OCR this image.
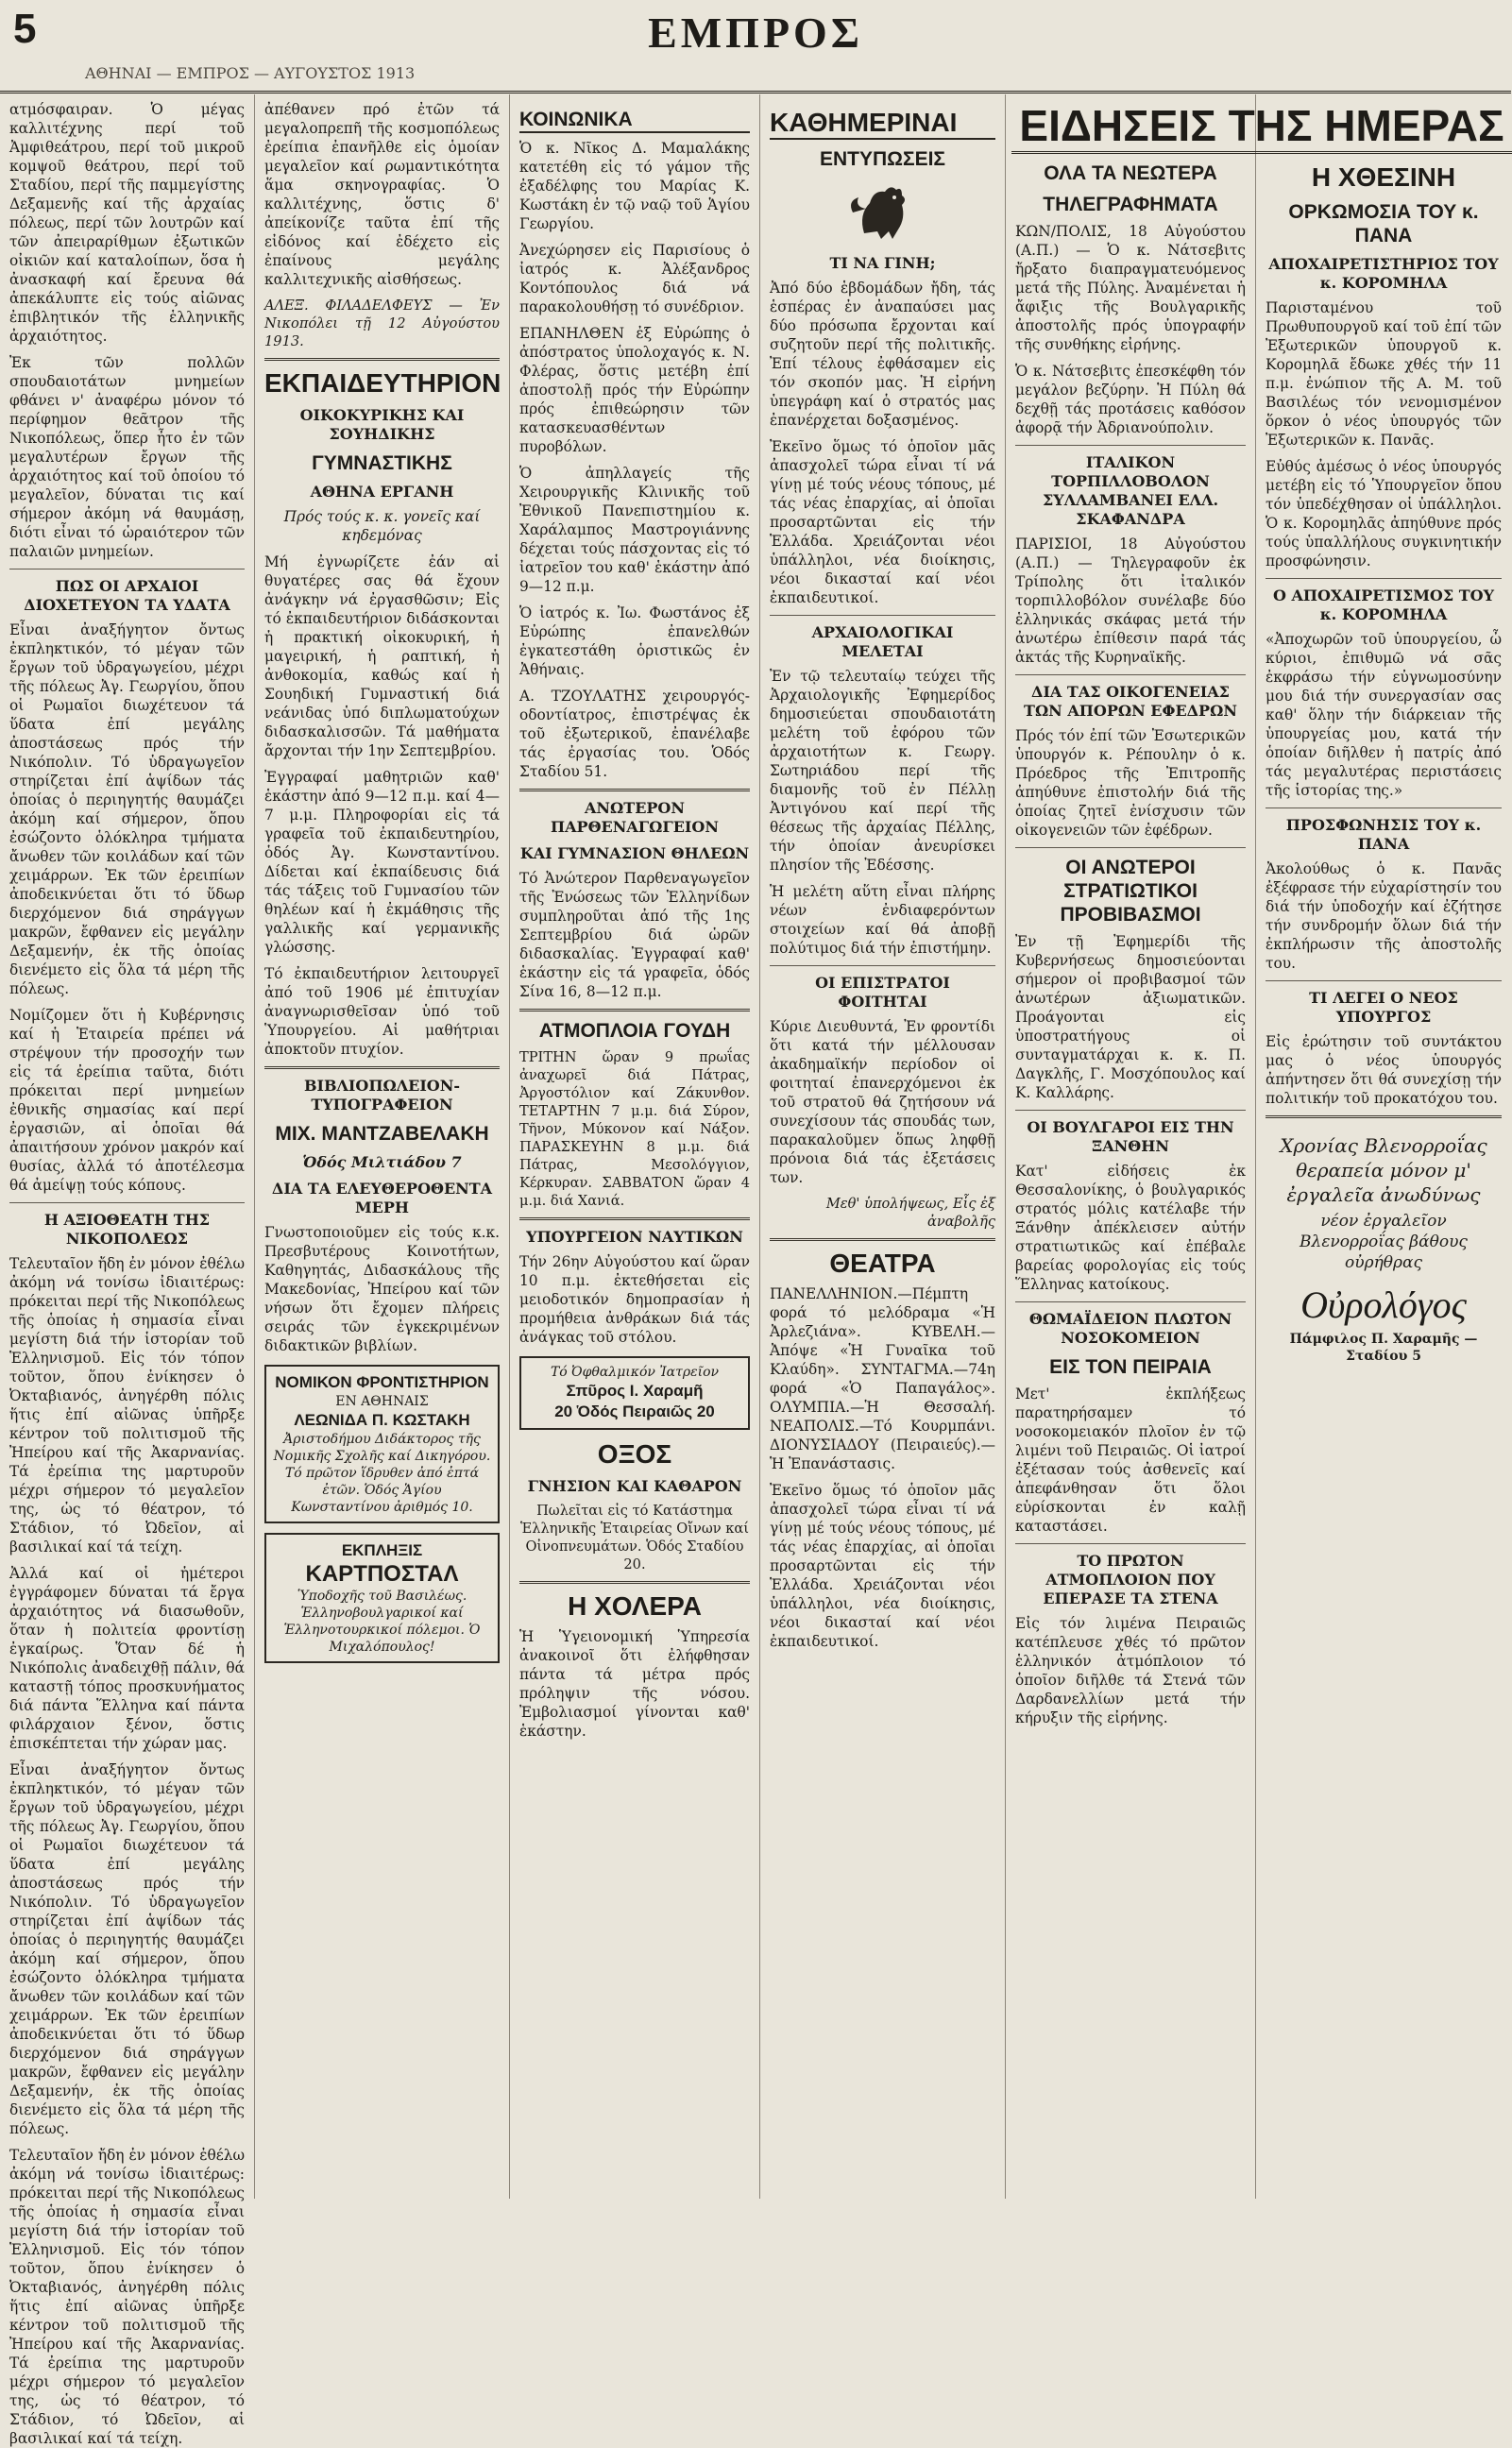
5	ΕΜΠΡΟΣ
ΑΘΗΝΑΙ — ΕΜΠΡΟΣ — ΑΥΓΟΥΣΤΟΣ 1913

ατμόσφαιραν. Ὁ μέγας καλλιτέχνης περί τοῦ Ἀμφιθεάτρου, περί τοῦ μικροῦ κομψοῦ θεάτρου, περί τοῦ Σταδίου, περί τῆς παμμεγίστης Δεξαμενῆς καί τῆς ἀρχαίας πόλεως, περί τῶν λουτρῶν καί τῶν ἀπειραρίθμων ἐξωτικῶν οἰκιῶν καί καταλοίπων, ὅσα ἡ ἀνασκαφή καί ἔρευνα θά ἀπεκάλυπτε εἰς τούς αἰῶνας ἐπιβλητικόν τῆς ἑλληνικῆς ἀρχαιότητος.

Ἐκ τῶν πολλῶν σπουδαιοτάτων μνημείων φθάνει ν' ἀναφέρω μόνον τό περίφημον θεᾶτρον τῆς Νικοπόλεως, ὅπερ ἦτο ἐν τῶν μεγαλυτέρων ἔργων τῆς ἀρχαιότητος καί τοῦ ὁποίου τό μεγαλεῖον, δύναται τις καί σήμερον ἀκόμη νά θαυμάσῃ, διότι εἶναι τό ὡραιότερον τῶν παλαιῶν μνημείων.

ΠΩΣ ΟΙ ΑΡΧΑΙΟΙ ΔΙΟΧΕΤΕΥΟΝ ΤΑ ΥΔΑΤΑ

Εἶναι ἀναξήγητον ὄντως ἐκπληκτικόν, τό μέγαν τῶν ἔργων τοῦ ὑδραγωγείου, μέχρι τῆς πόλεως Ἀγ. Γεωργίου, ὅπου οἱ Ρωμαῖοι διωχέτευον τά ὕδατα ἐπί μεγάλης ἀποστάσεως πρός τήν Νικόπολιν. Τό ὑδραγωγεῖον στηρίζεται ἐπί ἁψίδων τάς ὁποίας ὁ περιηγητής θαυμάζει ἀκόμη καί σήμερον, ὅπου ἐσώζοντο ὁλόκληρα τμήματα ἄνωθεν τῶν κοιλάδων καί τῶν χειμάρρων. Ἐκ τῶν ἐρειπίων ἀποδεικνύεται ὅτι τό ὕδωρ διερχόμενον διά σηράγγων μακρῶν, ἔφθανεν εἰς μεγάλην Δεξαμενήν, ἐκ τῆς ὁποίας διενέμετο εἰς ὅλα τά μέρη τῆς πόλεως.

Νομίζομεν ὅτι ἡ Κυβέρνησις καί ἡ Ἑταιρεία πρέπει νά στρέψουν τήν προσοχήν των εἰς τά ἐρείπια ταῦτα, διότι πρόκειται περί μνημείων ἐθνικῆς σημασίας καί περί ἐργασιῶν, αἱ ὁποῖαι θά ἀπαιτήσουν χρόνον μακρόν καί θυσίας, ἀλλά τό ἀποτέλεσμα θά ἀμείψῃ τούς κόπους.

Η ΑΞΙΟΘΕΑΤΗ ΤΗΣ ΝΙΚΟΠΟΛΕΩΣ

Τελευταῖον ἤδη ἐν μόνον ἐθέλω ἀκόμη νά τονίσω ἰδιαιτέρως: πρόκειται περί τῆς Νικοπόλεως τῆς ὁποίας ἡ σημασία εἶναι μεγίστη διά τήν ἱστορίαν τοῦ Ἑλληνισμοῦ. Εἰς τόν τόπον τοῦτον, ὅπου ἐνίκησεν ὁ Ὀκταβιανός, ἀνηγέρθη πόλις ἥτις ἐπί αἰῶνας ὑπῆρξε κέντρον τοῦ πολιτισμοῦ τῆς Ἠπείρου καί τῆς Ἀκαρνανίας. Τά ἐρείπια της μαρτυροῦν μέχρι σήμερον τό μεγαλεῖον της, ὡς τό θέατρον, τό Στάδιον, τό Ὠδεῖον, αἱ βασιλικαί καί τά τείχη.

Ἀλλά καί οἱ ἡμέτεροι ἐγγράφομεν δύναται τά ἔργα ἀρχαιότητος νά διασωθοῦν, ὅταν ἡ πολιτεία φροντίσῃ ἐγκαίρως. Ὅταν δέ ἡ Νικόπολις ἀναδειχθῇ πάλιν, θά καταστῇ τόπος προσκυνήματος διά πάντα Ἕλληνα καί πάντα φιλάρχαιον ξένον, ὅστις ἐπισκέπτεται τήν χώραν μας.

Εἶναι ἀναξήγητον ὄντως ἐκπληκτικόν, τό μέγαν τῶν ἔργων τοῦ ὑδραγωγείου, μέχρι τῆς πόλεως Ἀγ. Γεωργίου, ὅπου οἱ Ρωμαῖοι διωχέτευον τά ὕδατα ἐπί μεγάλης ἀποστάσεως πρός τήν Νικόπολιν. Τό ὑδραγωγεῖον στηρίζεται ἐπί ἁψίδων τάς ὁποίας ὁ περιηγητής θαυμάζει ἀκόμη καί σήμερον, ὅπου ἐσώζοντο ὁλόκληρα τμήματα ἄνωθεν τῶν κοιλάδων καί τῶν χειμάρρων. Ἐκ τῶν ἐρειπίων ἀποδεικνύεται ὅτι τό ὕδωρ διερχόμενον διά σηράγγων μακρῶν, ἔφθανεν εἰς μεγάλην Δεξαμενήν, ἐκ τῆς ὁποίας διενέμετο εἰς ὅλα τά μέρη τῆς πόλεως.

Τελευταῖον ἤδη ἐν μόνον ἐθέλω ἀκόμη νά τονίσω ἰδιαιτέρως: πρόκειται περί τῆς Νικοπόλεως τῆς ὁποίας ἡ σημασία εἶναι μεγίστη διά τήν ἱστορίαν τοῦ Ἑλληνισμοῦ. Εἰς τόν τόπον τοῦτον, ὅπου ἐνίκησεν ὁ Ὀκταβιανός, ἀνηγέρθη πόλις ἥτις ἐπί αἰῶνας ὑπῆρξε κέντρον τοῦ πολιτισμοῦ τῆς Ἠπείρου καί τῆς Ἀκαρνανίας. Τά ἐρείπια της μαρτυροῦν μέχρι σήμερον τό μεγαλεῖον της, ὡς τό θέατρον, τό Στάδιον, τό Ὠδεῖον, αἱ βασιλικαί καί τά τείχη.

ἀπέθανεν πρό ἐτῶν τά μεγαλοπρεπῆ τῆς κοσμοπόλεως ἐρείπια ἐπανῆλθε εἰς ὁμοίαν μεγαλεῖον καί ρωμαντικότητα ἅμα σκηνογραφίας. Ὁ καλλιτέχνης, ὅστις δ' ἀπείκονίζε ταῦτα ἐπί τῆς εἰδόνος καί ἐδέχετο εἰς ἐπαίνους μεγάλης καλλιτεχνικῆς αἰσθήσεως.

ΑΛΕΞ. ΦΙΛΑΔΕΛΦΕΥΣ — Ἐν Νικοπόλει τῇ 12 Αὐγούστου 1913.

ΕΚΠΑΙΔΕΥΤΗΡΙΟΝ
ΟΙΚΟΚΥΡΙΚΗΣ ΚΑΙ ΣΟΥΗΔΙΚΗΣ
ΓΥΜΝΑΣΤΙΚΗΣ
ΑΘΗΝΑ ΕΡΓΑΝΗ

Πρός τούς κ. κ. γονεῖς καί κηδεμόνας

Μή ἐγνωρίζετε ἐάν αἱ θυγατέρες σας θά ἔχουν ἀνάγκην νά ἐργασθῶσιν; Εἰς τό ἐκπαιδευτήριον διδάσκονται ἡ πρακτική οἰκοκυρική, ἡ μαγειρική, ἡ ραπτική, ἡ ἀνθοκομία, καθώς καί ἡ Σουηδική Γυμναστική διά νεάνιδας ὑπό διπλωματούχων διδασκαλισσῶν. Τά μαθήματα ἄρχονται τήν 1ην Σεπτεμβρίου.

Ἐγγραφαί μαθητριῶν καθ' ἑκάστην ἀπό 9—12 π.μ. καί 4—7 μ.μ. Πληροφορίαι εἰς τά γραφεῖα τοῦ ἐκπαιδευτηρίου, ὁδός Ἀγ. Κωνσταντίνου. Δίδεται καί ἐκπαίδευσις διά τάς τάξεις τοῦ Γυμνασίου τῶν θηλέων καί ἡ ἐκμάθησις τῆς γαλλικῆς καί γερμανικῆς γλώσσης.

Τό ἐκπαιδευτήριον λειτουργεῖ ἀπό τοῦ 1906 μέ ἐπιτυχίαν ἀναγνωρισθεῖσαν ὑπό τοῦ Ὑπουργείου. Αἱ μαθήτριαι ἀποκτοῦν πτυχίον.

ΒΙΒΛΙΟΠΩΛΕΙΟΝ-ΤΥΠΟΓΡΑΦΕΙΟΝ
ΜΙΧ. ΜΑΝΤΖΑΒΕΛΑΚΗ
Ὁδός Μιλτιάδου 7
ΔΙΑ ΤΑ ΕΛΕΥΘΕΡΟΘΕΝΤΑ ΜΕΡΗ

Γνωστοποιοῦμεν εἰς τούς κ.κ. Πρεσβυτέρους Κοινοτήτων, Καθηγητάς, Διδασκάλους τῆς Μακεδονίας, Ἠπείρου καί τῶν νήσων ὅτι ἔχομεν πλήρεις σειράς τῶν ἐγκεκριμένων διδακτικῶν βιβλίων.

ΝΟΜΙΚΟΝ ΦΡΟΝΤΙΣΤΗΡΙΟΝ
ΕΝ ΑΘΗΝΑΙΣ
ΛΕΩΝΙΔΑ Π. ΚΩΣΤΑΚΗ
Ἀριστοδήμου Διδάκτορος τῆς Νομικῆς Σχολῆς καί Δικηγόρου. Τό πρῶτον ἵδρυθεν ἀπό ἐπτά ἐτῶν. Ὁδός Ἁγίου Κωνσταντίνου ἀριθμός 10.
ΕΚΠΛΗΞΙΣ
ΚΑΡΤΠΟΣΤΑΛ
Ὑποδοχῆς τοῦ Βασιλέως. Ἑλληνοβουλγαρικοί καί Ἑλληνοτουρκικοί πόλεμοι. Ὁ Μιχαλόπουλος!
ΚΟΙΝΩΝΙΚΑ

Ὁ κ. Νῖκος Δ. Μαμαλάκης κατετέθη εἰς τό γάμον τῆς ἐξαδέλφης του Μαρίας Κ. Κωστάκη ἐν τῷ ναῷ τοῦ Ἁγίου Γεωργίου.

Ἀνεχώρησεν εἰς Παρισίους ὁ ἰατρός κ. Ἀλέξανδρος Κοντόπουλος διά νά παρακολουθήσῃ τό συνέδριον.

ΕΠΑΝΗΛΘΕΝ ἐξ Εὐρώπης ὁ ἀπόστρατος ὑπολοχαγός κ. Ν. Φλέρας, ὅστις μετέβη ἐπί ἀποστολῇ πρός τήν Εὐρώπην πρός ἐπιθεώρησιν τῶν κατασκευασθέντων πυροβόλων.

Ὁ ἀπηλλαγείς τῆς Χειρουργικῆς Κλινικῆς τοῦ Ἐθνικοῦ Πανεπιστημίου κ. Χαράλαμπος Μαστρογιάννης δέχεται τούς πάσχοντας εἰς τό ἰατρεῖον του καθ' ἑκάστην ἀπό 9—12 π.μ.

Ὁ ἰατρός κ. Ἰω. Φωστάνος ἐξ Εὐρώπης ἐπανελθών ἐγκατεστάθη ὁριστικῶς ἐν Ἀθήναις.

Α. ΤΖΟΥΛΑΤΗΣ χειρουργός-οδοντίατρος, ἐπιστρέψας ἐκ τοῦ ἐξωτερικοῦ, ἐπανέλαβε τάς ἐργασίας του. Ὁδός Σταδίου 51.

ΑΝΩΤΕΡΟΝ ΠΑΡΘΕΝΑΓΩΓΕΙΟΝ
ΚΑΙ ΓΥΜΝΑΣΙΟΝ ΘΗΛΕΩΝ

Τό Ἀνώτερον Παρθεναγωγεῖον τῆς Ἐνώσεως τῶν Ἑλληνίδων συμπληροῦται ἀπό τῆς 1ης Σεπτεμβρίου διά ὡρῶν διδασκαλίας. Ἐγγραφαί καθ' ἑκάστην εἰς τά γραφεῖα, ὁδός Σίνα 16, 8—12 π.μ.

ΑΤΜΟΠΛΟΙΑ ΓΟΥΔΗ

ΤΡΙΤΗΝ ὥραν 9 πρωΐας ἀναχωρεῖ διά Πάτρας, Ἀργοστόλιον καί Ζάκυνθον. ΤΕΤΑΡΤΗΝ 7 μ.μ. διά Σύρον, Τῆνον, Μύκονον καί Νάξον. ΠΑΡΑΣΚΕΥΗΝ 8 μ.μ. διά Πάτρας, Μεσολόγγιον, Κέρκυραν. ΣΑΒΒΑΤΟΝ ὥραν 4 μ.μ. διά Χανιά.

ΥΠΟΥΡΓΕΙΟΝ ΝΑΥΤΙΚΩΝ

Τήν 26ην Αὐγούστου καί ὥραν 10 π.μ. ἐκτεθήσεται εἰς μειοδοτικόν δημοπρασίαν ἡ προμήθεια ἀνθράκων διά τάς ἀνάγκας τοῦ στόλου.

Τό Ὀφθαλμικόν Ἰατρεῖον
Σπῦρος Ι. Χαραμῆ
20 Ὁδός Πειραιῶς 20
ΟΞΟΣ
ΓΝΗΣΙΟΝ ΚΑΙ ΚΑΘΑΡΟΝ

Πωλεῖται εἰς τό Κατάστημα Ἑλληνικῆς Ἑταιρείας Οἴνων καί Οἰνοπνευμάτων. Ὁδός Σταδίου 20.

Η ΧΟΛΕΡΑ

Ἡ Ὑγειονομική Ὑπηρεσία ἀνακοινοῖ ὅτι ἐλήφθησαν πάντα τά μέτρα πρός πρόληψιν τῆς νόσου. Ἐμβολιασμοί γίνονται καθ' ἑκάστην.

ΚΑΘΗΜΕΡΙΝΑΙ
ΕΝΤΥΠΩΣΕΙΣ
ΤΙ ΝΑ ΓΙΝΗ;

Ἀπό δύο ἑβδομάδων ἤδη, τάς ἑσπέρας ἐν ἀναπαύσει μας δύο πρόσωπα ἔρχονται καί συζητοῦν περί τῆς πολιτικῆς. Ἐπί τέλους ἐφθάσαμεν εἰς τόν σκοπόν μας. Ἡ εἰρήνη ὑπεγράφη καί ὁ στρατός μας ἐπανέρχεται δοξασμένος.

Ἐκεῖνο ὅμως τό ὁποῖον μᾶς ἀπασχολεῖ τώρα εἶναι τί νά γίνῃ μέ τούς νέους τόπους, μέ τάς νέας ἐπαρχίας, αἱ ὁποῖαι προσαρτῶνται εἰς τήν Ἑλλάδα. Χρειάζονται νέοι ὑπάλληλοι, νέα διοίκησις, νέοι δικασταί καί νέοι ἐκπαιδευτικοί.

ΑΡΧΑΙΟΛΟΓΙΚΑΙ ΜΕΛΕΤΑΙ

Ἐν τῷ τελευταίῳ τεύχει τῆς Ἀρχαιολογικῆς Ἐφημερίδος δημοσιεύεται σπουδαιοτάτη μελέτη τοῦ ἐφόρου τῶν ἀρχαιοτήτων κ. Γεωργ. Σωτηριάδου περί τῆς διαμονῆς τοῦ ἐν Πέλλῃ Ἀντιγόνου καί περί τῆς θέσεως τῆς ἀρχαίας Πέλλης, τήν ὁποίαν ἀνευρίσκει πλησίον τῆς Ἐδέσσης.

Ἡ μελέτη αὕτη εἶναι πλήρης νέων ἐνδιαφερόντων στοιχείων καί θά ἀποβῇ πολύτιμος διά τήν ἐπιστήμην.

ΟΙ ΕΠΙΣΤΡΑΤΟΙ ΦΟΙΤΗΤΑΙ

Κύριε Διευθυντά, Ἐν φροντίδι ὅτι κατά τήν μέλλουσαν ἀκαδημαϊκήν περίοδον οἱ φοιτηταί ἐπανερχόμενοι ἐκ τοῦ στρατοῦ θά ζητήσουν νά συνεχίσουν τάς σπουδάς των, παρακαλοῦμεν ὅπως ληφθῇ πρόνοια διά τάς ἐξετάσεις των.

Μεθ' ὑπολήψεως, Εἷς ἐξ ἀναβολῆς

ΘΕΑΤΡΑ

ΠΑΝΕΛΛΗΝΙΟΝ.—Πέμπτη φορά τό μελόδραμα «Ἡ Ἀρλεζιάνα». ΚΥΒΕΛΗ.—Ἀπόψε «Ἡ Γυναῖκα τοῦ Κλαύδη». ΣΥΝΤΑΓΜΑ.—74η φορά «Ὁ Παπαγάλος». ΟΛΥΜΠΙΑ.—Ἡ Θεσσαλή. ΝΕΑΠΟΛΙΣ.—Τό Κουρμπάνι. ΔΙΟΝΥΣΙΑΔΟΥ (Πειραιεύς).—Ἡ Ἐπανάστασις.

Ἐκεῖνο ὅμως τό ὁποῖον μᾶς ἀπασχολεῖ τώρα εἶναι τί νά γίνῃ μέ τούς νέους τόπους, μέ τάς νέας ἐπαρχίας, αἱ ὁποῖαι προσαρτῶνται εἰς τήν Ἑλλάδα. Χρειάζονται νέοι ὑπάλληλοι, νέα διοίκησις, νέοι δικασταί καί νέοι ἐκπαιδευτικοί.

ΕΙΔΗΣΕΙΣ ΤΗΣ ΗΜΕΡΑΣ
ΟΛΑ ΤΑ ΝΕΩΤΕΡΑ
ΤΗΛΕΓΡΑΦΗΜΑΤΑ

ΚΩΝ/ΠΟΛΙΣ, 18 Αὐγούστου (Α.Π.) — Ὁ κ. Νάτσεβιτς ἤρξατο διαπραγματευόμενος μετά τῆς Πύλης. Ἀναμένεται ἡ ἄφιξις τῆς Βουλγαρικῆς ἀποστολῆς πρός ὑπογραφήν τῆς συνθήκης εἰρήνης.

Ὁ κ. Νάτσεβιτς ἐπεσκέφθη τόν μεγάλον βεζύρην. Ἡ Πύλη θά δεχθῇ τάς προτάσεις καθόσον ἀφορᾷ τήν Ἀδριανούπολιν.

ΙΤΑΛΙΚΟΝ ΤΟΡΠΙΛΛΟΒΟΛΟΝ ΣΥΛΛΑΜΒΑΝΕΙ ΕΛΛ. ΣΚΑΦΑΝΔΡΑ

ΠΑΡΙΣΙΟΙ, 18 Αὐγούστου (Α.Π.) — Τηλεγραφοῦν ἐκ Τρίπολης ὅτι ἰταλικόν τορπιλλοβόλον συνέλαβε δύο ἑλληνικάς σκάφας μετά τήν ἀνωτέρω ἐπίθεσιν παρά τάς ἀκτάς τῆς Κυρηναϊκῆς.

ΔΙΑ ΤΑΣ ΟΙΚΟΓΕΝΕΙΑΣ ΤΩΝ ΑΠΟΡΩΝ ΕΦΕΔΡΩΝ

Πρός τόν ἐπί τῶν Ἐσωτερικῶν ὑπουργόν κ. Ρέπουλην ὁ κ. Πρόεδρος τῆς Ἐπιτροπῆς ἀπηύθυνε ἐπιστολήν διά τῆς ὁποίας ζητεῖ ἐνίσχυσιν τῶν οἰκογενειῶν τῶν ἐφέδρων.

ΟΙ ΑΝΩΤΕΡΟΙ ΣΤΡΑΤΙΩΤΙΚΟΙ ΠΡΟΒΙΒΑΣΜΟΙ

Ἐν τῇ Ἐφημερίδι τῆς Κυβερνήσεως δημοσιεύονται σήμερον οἱ προβιβασμοί τῶν ἀνωτέρων ἀξιωματικῶν. Προάγονται εἰς ὑποστρατήγους οἱ συνταγματάρχαι κ. κ. Π. Δαγκλῆς, Γ. Μοσχόπουλος καί Κ. Καλλάρης.

ΟΙ ΒΟΥΛΓΑΡΟΙ ΕΙΣ ΤΗΝ ΞΑΝΘΗΝ

Κατ' εἰδήσεις ἐκ Θεσσαλονίκης, ὁ βουλγαρικός στρατός μόλις κατέλαβε τήν Ξάνθην ἀπέκλεισεν αὐτήν στρατιωτικῶς καί ἐπέβαλε βαρείας φορολογίας εἰς τούς Ἕλληνας κατοίκους.

ΘΩΜΑΪΔΕΙΟΝ ΠΛΩΤΟΝ ΝΟΣΟΚΟΜΕΙΟΝ
ΕΙΣ ΤΟΝ ΠΕΙΡΑΙΑ

Μετ' ἐκπλήξεως παρατηρήσαμεν τό νοσοκομειακόν πλοῖον ἐν τῷ λιμένι τοῦ Πειραιῶς. Οἱ ἰατροί ἐξέτασαν τούς ἀσθενεῖς καί ἀπεφάνθησαν ὅτι ὅλοι εὑρίσκονται ἐν καλῇ καταστάσει.

ΤΟ ΠΡΩΤΟΝ ΑΤΜΟΠΛΟΙΟΝ ΠΟΥ ΕΠΕΡΑΣΕ ΤΑ ΣΤΕΝΑ

Εἰς τόν λιμένα Πειραιῶς κατέπλευσε χθές τό πρῶτον ἑλληνικόν ἀτμόπλοιον τό ὁποῖον διῆλθε τά Στενά τῶν Δαρδανελλίων μετά τήν κήρυξιν τῆς εἰρήνης.

Η ΧΘΕΣΙΝΗ
ΟΡΚΩΜΟΣΙΑ ΤΟΥ κ. ΠΑΝΑ
ΑΠΟΧΑΙΡΕΤΙΣΤΗΡΙΟΣ ΤΟΥ κ. ΚΟΡΟΜΗΛΑ

Παρισταμένου τοῦ Πρωθυπουργοῦ καί τοῦ ἐπί τῶν Ἐξωτερικῶν ὑπουργοῦ κ. Κορομηλᾶ ἔδωκε χθές τήν 11 π.μ. ἐνώπιον τῆς Α. Μ. τοῦ Βασιλέως τόν νενομισμένον ὅρκον ὁ νέος ὑπουργός τῶν Ἐξωτερικῶν κ. Πανᾶς.

Εὐθύς ἀμέσως ὁ νέος ὑπουργός μετέβη εἰς τό Ὑπουργεῖον ὅπου τόν ὑπεδέχθησαν οἱ ὑπάλληλοι. Ὁ κ. Κορομηλᾶς ἀπηύθυνε πρός τούς ὑπαλλήλους συγκινητικήν προσφώνησιν.

Ο ΑΠΟΧΑΙΡΕΤΙΣΜΟΣ ΤΟΥ κ. ΚΟΡΟΜΗΛΑ

«Ἀποχωρῶν τοῦ ὑπουργείου, ὦ κύριοι, ἐπιθυμῶ νά σᾶς ἐκφράσω τήν εὐγνωμοσύνην μου διά τήν συνεργασίαν σας καθ' ὅλην τήν διάρκειαν τῆς ὑπουργείας μου, κατά τήν ὁποίαν διῆλθεν ἡ πατρίς ἀπό τάς μεγαλυτέρας περιστάσεις τῆς ἱστορίας της.»

ΠΡΟΣΦΩΝΗΣΙΣ ΤΟΥ κ. ΠΑΝΑ

Ἀκολούθως ὁ κ. Πανᾶς ἐξέφρασε τήν εὐχαρίστησίν του διά τήν ὑποδοχήν καί ἐζήτησε τήν συνδρομήν ὅλων διά τήν ἐκπλήρωσιν τῆς ἀποστολῆς του.

ΤΙ ΛΕΓΕΙ Ο ΝΕΟΣ ΥΠΟΥΡΓΟΣ

Εἰς ἐρώτησιν τοῦ συντάκτου μας ὁ νέος ὑπουργός ἀπήντησεν ὅτι θά συνεχίσῃ τήν πολιτικήν τοῦ προκατόχου του.

Χρονίας Βλενορροΐας θεραπεία μόνον μ' ἐργαλεῖα ἀνωδύνως
νέον ἐργαλεῖον Βλενορροΐας βάθους οὐρήθρας
Οὐρολόγος
Πάμφιλος Π. Χαραμῆς — Σταδίου 5
